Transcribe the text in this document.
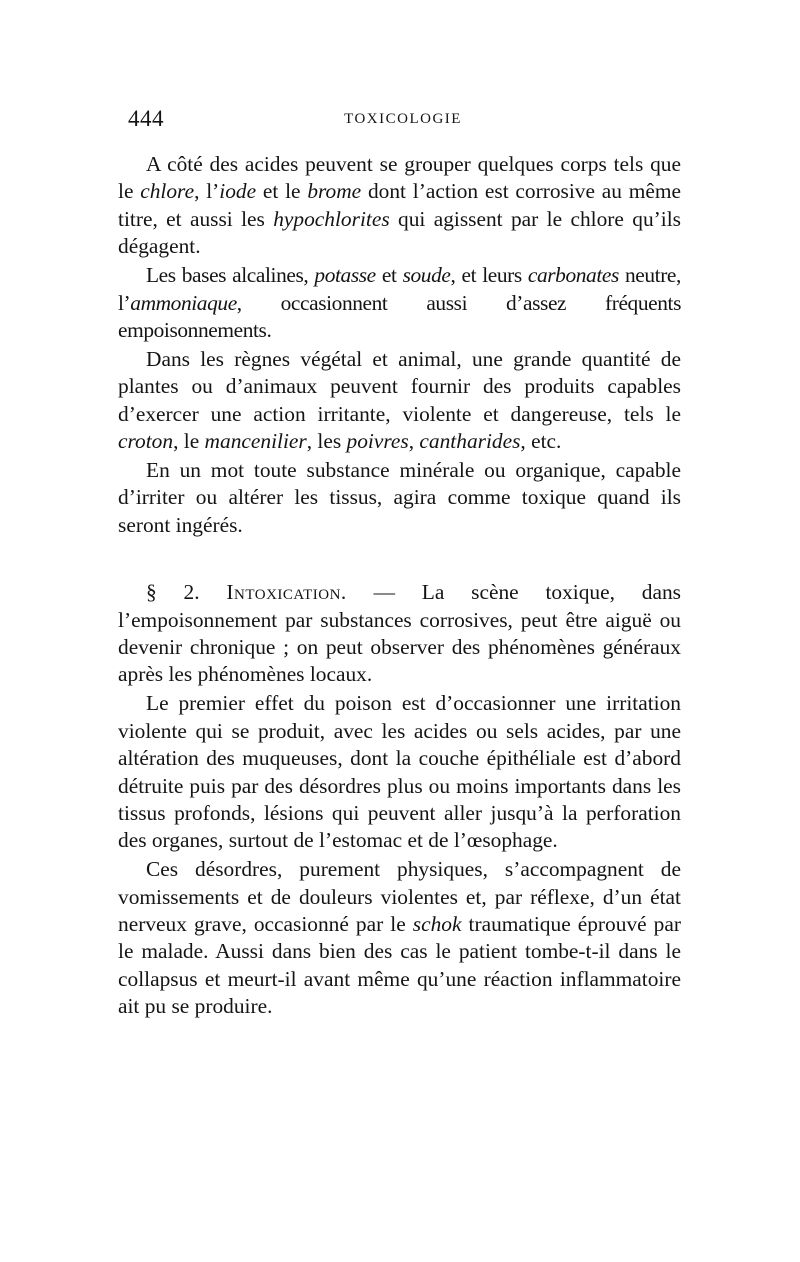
444	TOXICOLOGIE

A côté des acides peuvent se grouper quelques corps tels que le chlore, l’iode et le brome dont l’action est corrosive au même titre, et aussi les hypochlorites qui agissent par le chlore qu’ils dégagent.

Les bases alcalines, potasse et soude, et leurs carbonates neutre, l’ammoniaque, occasionnent aussi d’assez fréquents empoisonnements.

Dans les règnes végétal et animal, une grande quantité de plantes ou d’animaux peuvent fournir des produits capables d’exercer une action irritante, violente et dangereuse, tels le croton, le mancenilier, les poivres, cantharides, etc.

En un mot toute substance minérale ou organique, capable d’irriter ou altérer les tissus, agira comme toxique quand ils seront ingérés.

§ 2. Intoxication. — La scène toxique, dans l’empoisonnement par substances corrosives, peut être aiguë ou devenir chronique ; on peut observer des phénomènes généraux après les phénomènes locaux.

Le premier effet du poison est d’occasionner une irritation violente qui se produit, avec les acides ou sels acides, par une altération des muqueuses, dont la couche épithéliale est d’abord détruite puis par des désordres plus ou moins importants dans les tissus profonds, lésions qui peuvent aller jusqu’à la perforation des organes, surtout de l’estomac et de l’œsophage.

Ces désordres, purement physiques, s’accompagnent de vomissements et de douleurs violentes et, par réflexe, d’un état nerveux grave, occasionné par le schok traumatique éprouvé par le malade. Aussi dans bien des cas le patient tombe-t-il dans le collapsus et meurt-il avant même qu’une réaction inflammatoire ait pu se produire.
